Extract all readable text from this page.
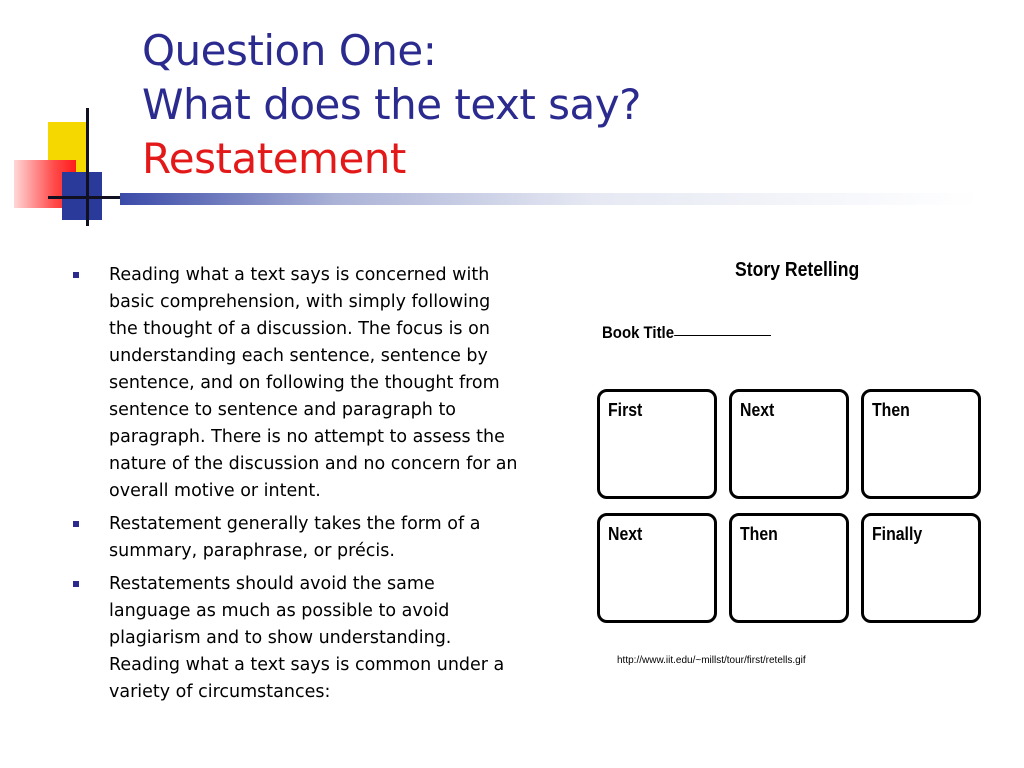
Question One:
What does the text say?
Restatement
Reading what a text says is concerned with basic comprehension, with simply following the thought of a discussion. The focus is on understanding each sentence, sentence by sentence, and on following the thought from sentence to sentence and paragraph to paragraph. There is no attempt to assess the nature of the discussion and no concern for an overall motive or intent.
Restatement generally takes the form of a summary, paraphrase, or précis.
Restatements should avoid the same language as much as possible to avoid plagiarism and to show understanding. Reading what a text says is common under a variety of circumstances:
Story Retelling
Book Title
First	Next	Then
Next	Then	Finally
http://www.iit.edu/~millst/tour/first/retells.gif
